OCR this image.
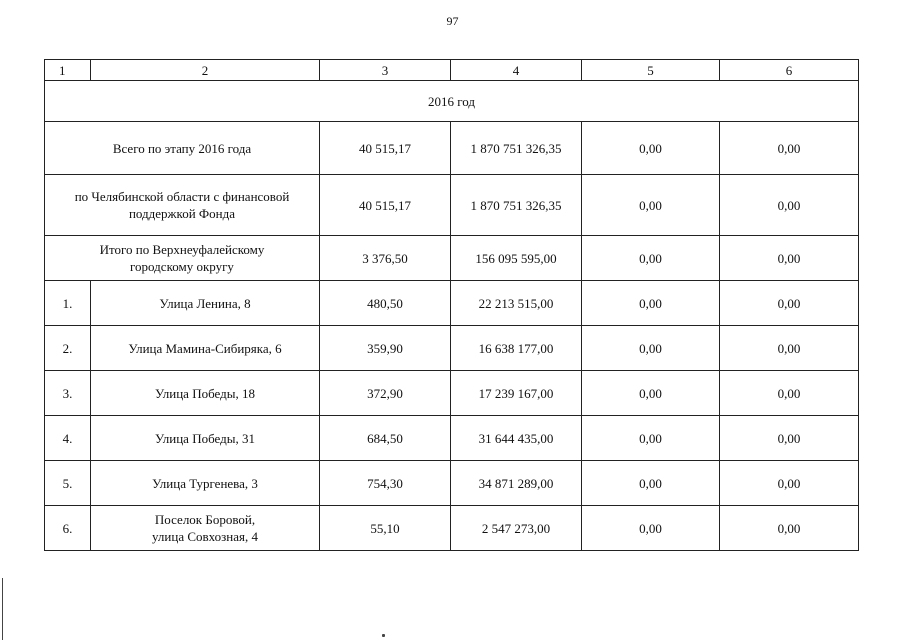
97
1	2	3	4	5	6
2016 год					
Всего по этапу 2016 года		40 515,17	1 870 751 326,35	0,00	0,00
по Челябинской области с финансовой
поддержкой Фонда		40 515,17	1 870 751 326,35	0,00	0,00
Итого по Верхнеуфалейскому
городскому округу		3 376,50	156 095 595,00	0,00	0,00
1.	Улица Ленина, 8	480,50	22 213 515,00	0,00	0,00
2.	Улица Мамина-Сибиряка, 6	359,90	16 638 177,00	0,00	0,00
3.	Улица Победы, 18	372,90	17 239 167,00	0,00	0,00
4.	Улица Победы, 31	684,50	31 644 435,00	0,00	0,00
5.	Улица Тургенева, 3	754,30	34 871 289,00	0,00	0,00
6.	Поселок Боровой,
улица Совхозная, 4	55,10	2 547 273,00	0,00	0,00
